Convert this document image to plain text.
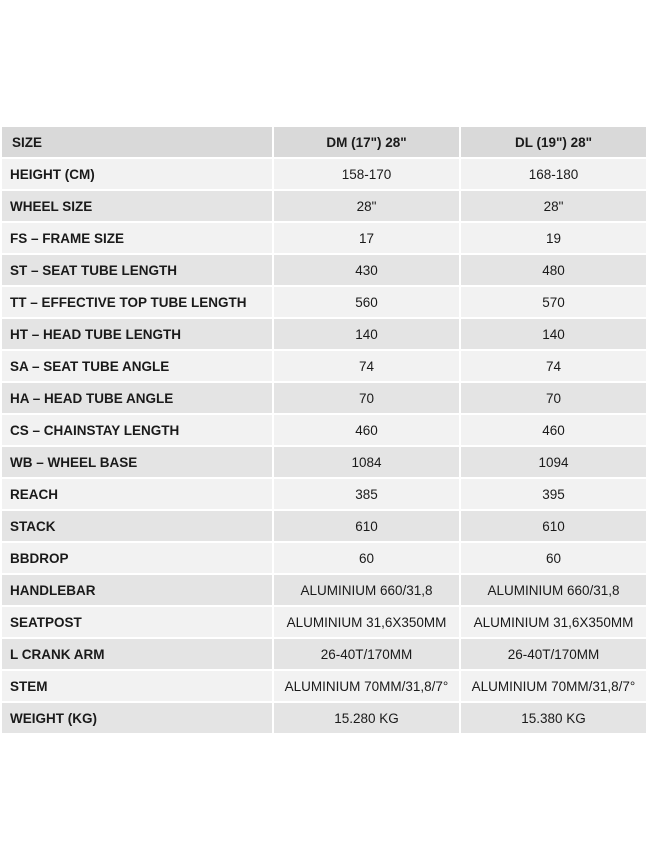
SIZE	DM (17") 28"	DL (19") 28"
HEIGHT (CM)	158-170	168-180
WHEEL SIZE	28"	28"
FS – FRAME SIZE	17	19
ST – SEAT TUBE LENGTH	430	480
TT – EFFECTIVE TOP TUBE LENGTH	560	570
HT – HEAD TUBE LENGTH	140	140
SA – SEAT TUBE ANGLE	74	74
HA – HEAD TUBE ANGLE	70	70
CS – CHAINSTAY LENGTH	460	460
WB – WHEEL BASE	1084	1094
REACH	385	395
STACK	610	610
BBDROP	60	60
HANDLEBAR	ALUMINIUM 660/31,8	ALUMINIUM 660/31,8
SEATPOST	ALUMINIUM 31,6X350MM	ALUMINIUM 31,6X350MM
L CRANK ARM	26-40T/170MM	26-40T/170MM
STEM	ALUMINIUM 70MM/31,8/7°	ALUMINIUM 70MM/31,8/7°
WEIGHT (KG)	15.280 KG	15.380 KG
